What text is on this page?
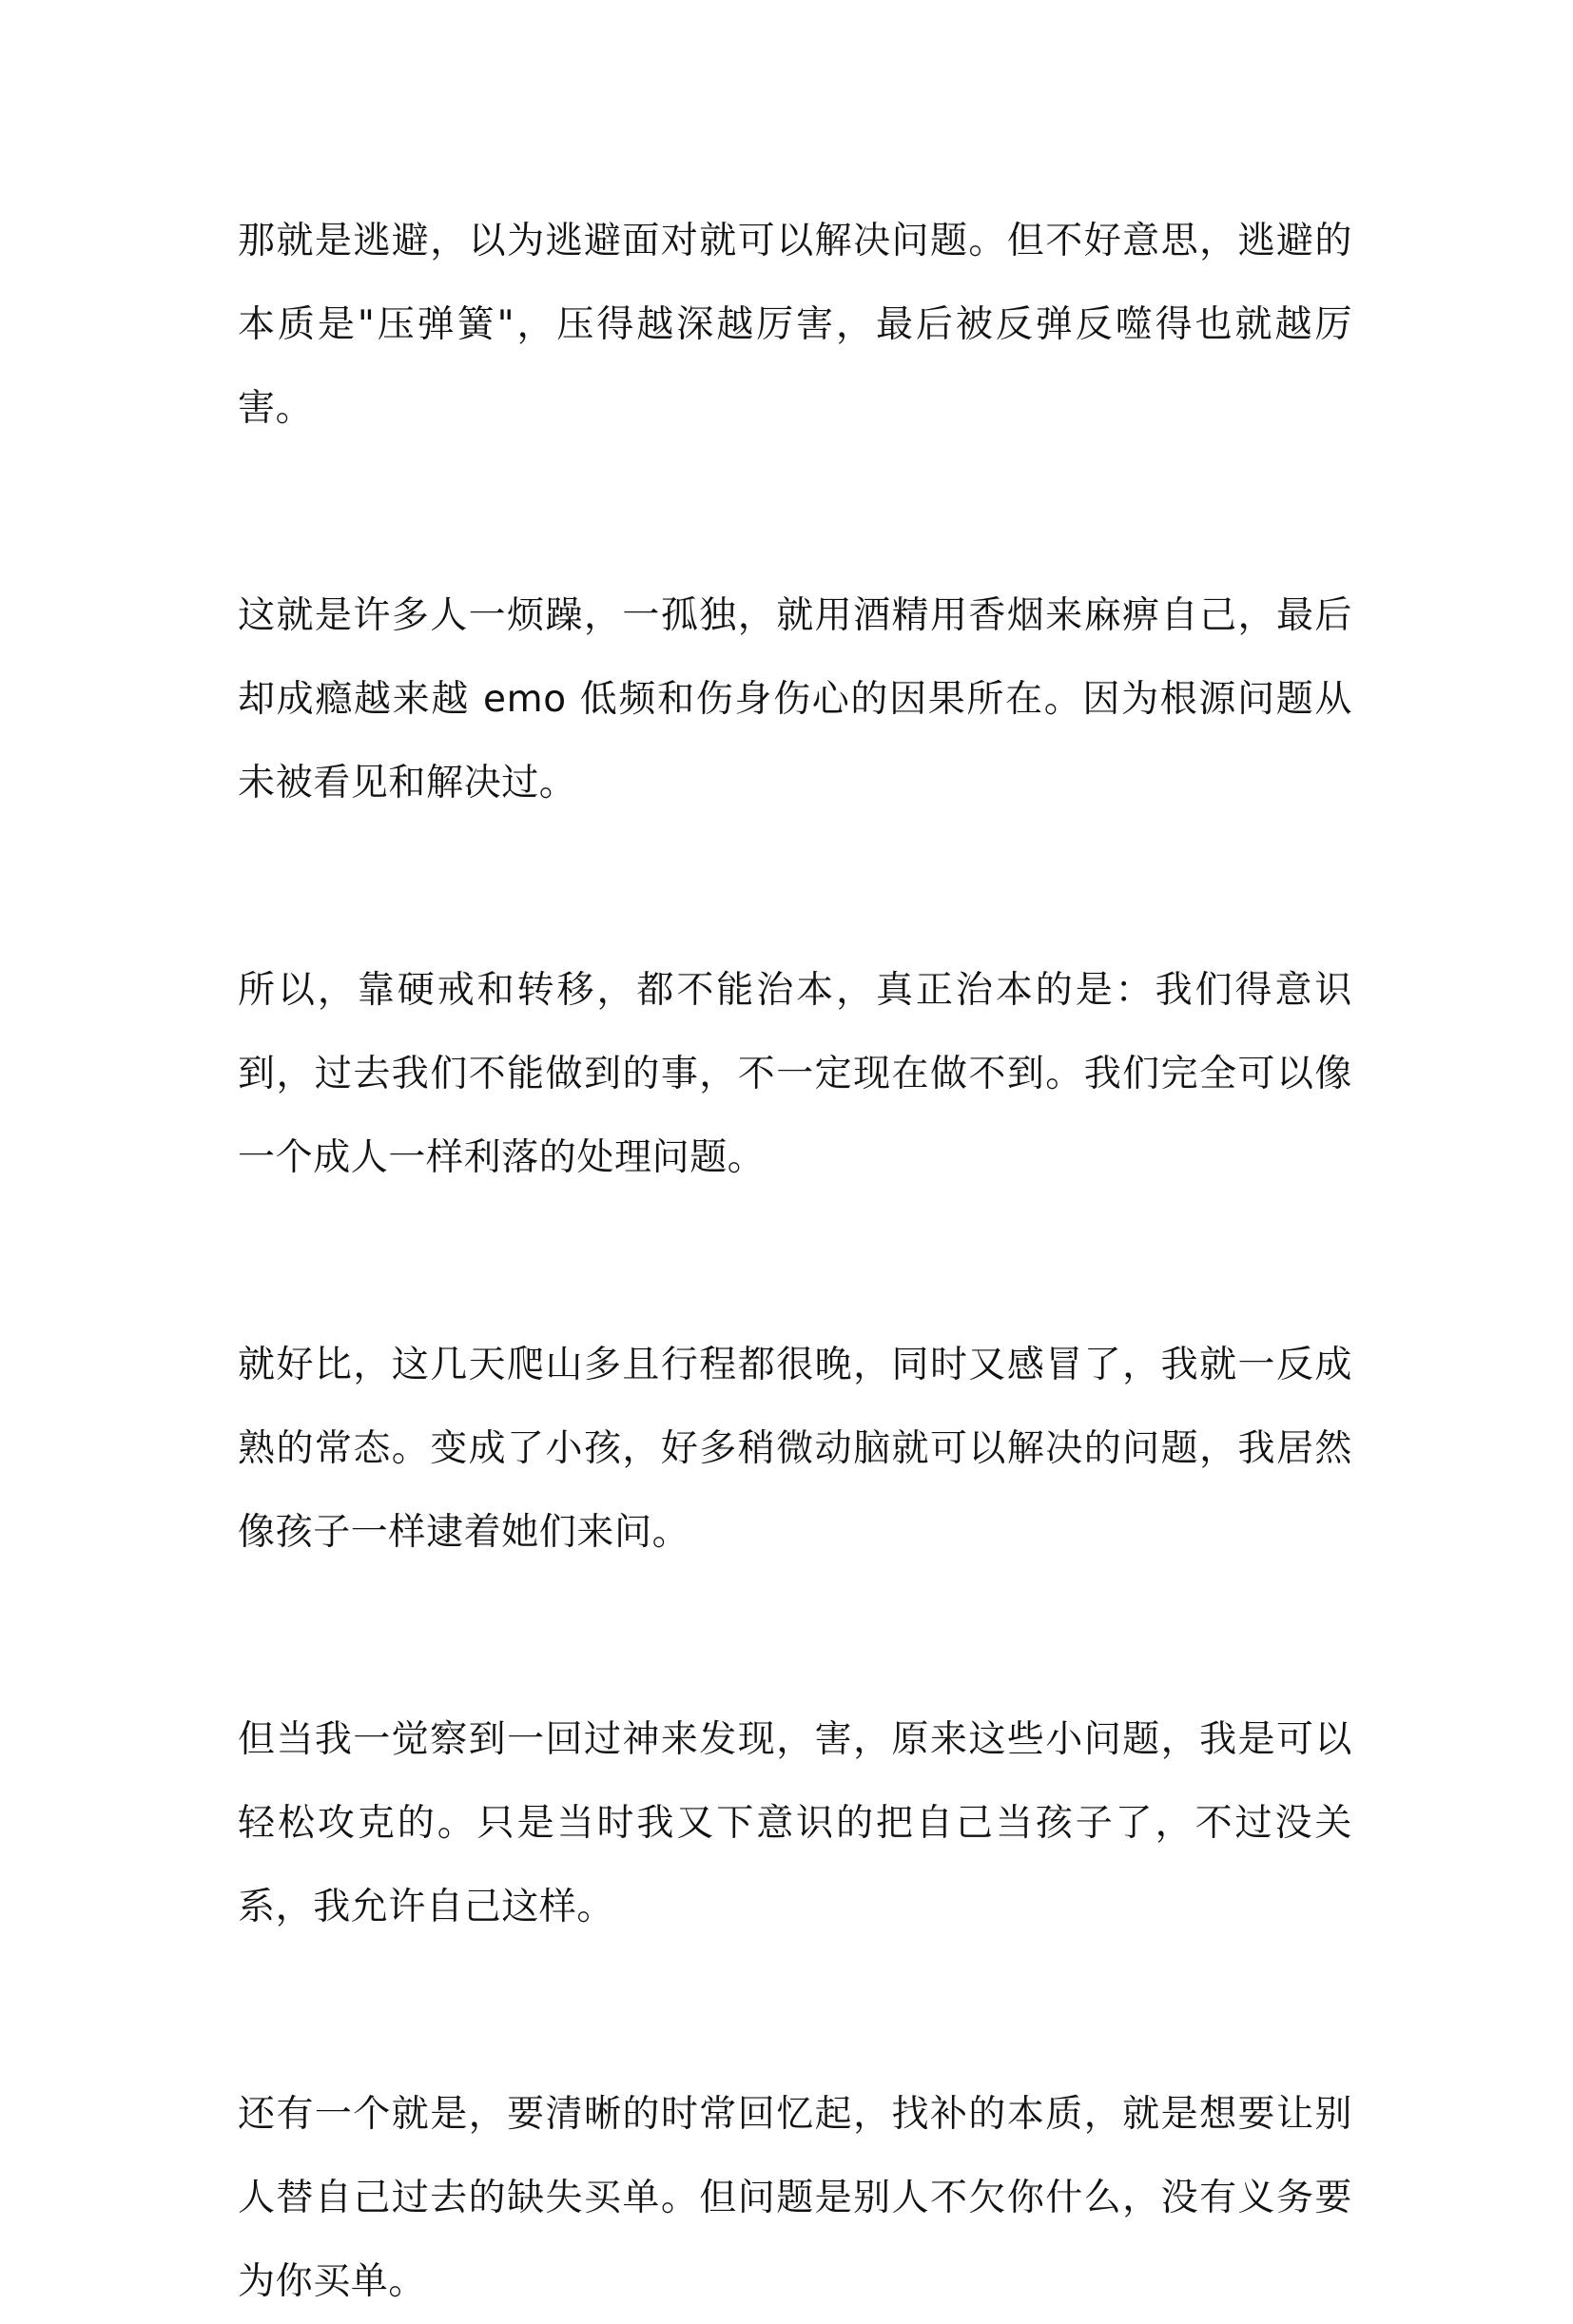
那就是逃避，以为逃避面对就可以解决问题。但不好意思，逃避的本质是"压弹簧"，压得越深越厉害，最后被反弹反噬得也就越厉害。

这就是许多人一烦躁，一孤独，就用酒精用香烟来麻痹自己，最后却成瘾越来越 emo 低频和伤身伤心的因果所在。因为根源问题从未被看见和解决过。

所以，靠硬戒和转移，都不能治本，真正治本的是：我们得意识到，过去我们不能做到的事，不一定现在做不到。我们完全可以像一个成人一样利落的处理问题。

就好比，这几天爬山多且行程都很晚，同时又感冒了，我就一反成熟的常态。变成了小孩，好多稍微动脑就可以解决的问题，我居然像孩子一样逮着她们来问。

但当我一觉察到一回过神来发现，害，原来这些小问题，我是可以轻松攻克的。只是当时我又下意识的把自己当孩子了，不过没关系，我允许自己这样。

还有一个就是，要清晰的时常回忆起，找补的本质，就是想要让别人替自己过去的缺失买单。但问题是别人不欠你什么，没有义务要为你买单。
